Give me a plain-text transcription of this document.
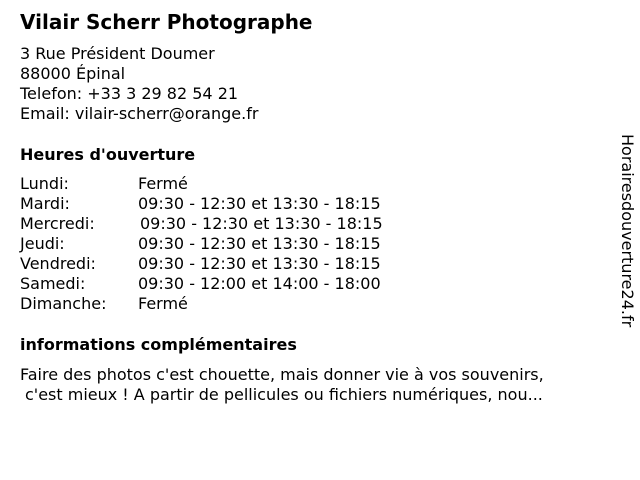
Vilair Scherr Photographe
3 Rue Président Doumer
88000 Épinal
Telefon: +33 3 29 82 54 21
Email: vilair-scherr@orange.fr
Heures d'ouverture
Lundi:	Fermé
Mardi:	09:30 - 12:30 et 13:30 - 18:15
Mercredi:	09:30 - 12:30 et 13:30 - 18:15
Jeudi:	09:30 - 12:30 et 13:30 - 18:15
Vendredi:	09:30 - 12:30 et 13:30 - 18:15
Samedi:	09:30 - 12:00 et 14:00 - 18:00
Dimanche: Fermé
informations complémentaires
Faire des photos c'est chouette, mais donner vie à vos souvenirs,
c'est mieux ! A partir de pellicules ou fichiers numériques, nou...
Horairesdouverture24.fr
